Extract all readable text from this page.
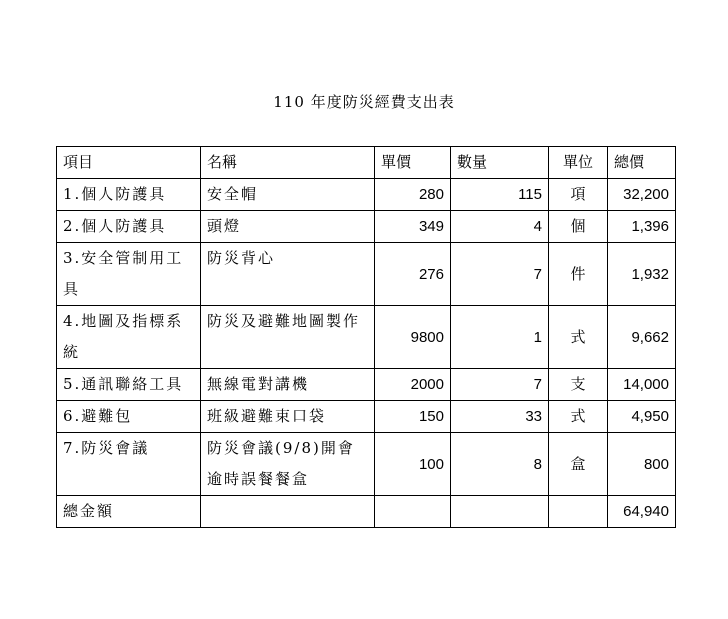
110 年度防災經費支出表
項目	名稱	單價	數量	單位	總價
1.個人防護具	安全帽	280	115	項	32,200
2.個人防護具	頭燈	349	4	個	1,396
3.安全管制用工具	防災背心	276	7	件	1,932
4.地圖及指標系統	防災及避難地圖製作	9800	1	式	9,662
5.通訊聯絡工具	無線電對講機	2000	7	支	14,000
6.避難包	班級避難束口袋	150	33	式	4,950
7.防災會議	防災會議(9/8)開會逾時誤餐餐盒	100	8	盒	800
總金額					64,940
